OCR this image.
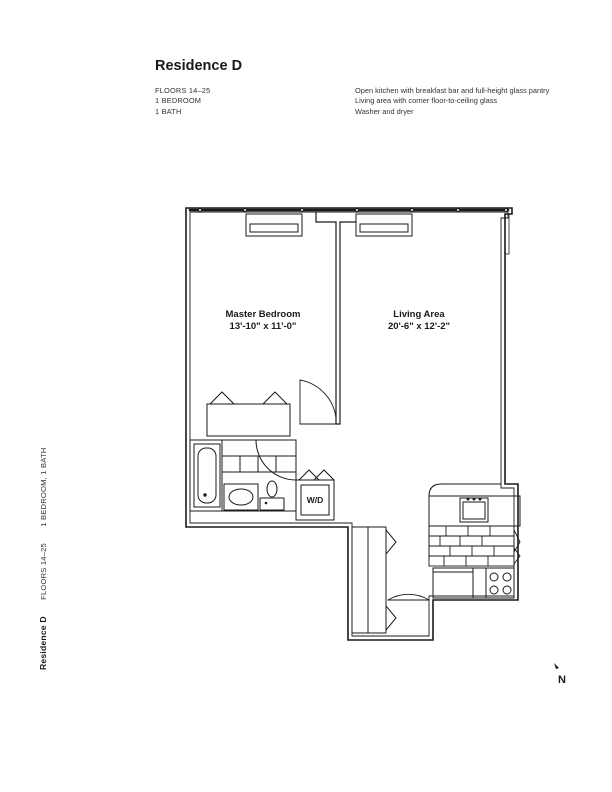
Residence D
FLOORS 14–25
1 BEDROOM
1 BATH
Open kitchen with breakfast bar and full-height glass pantry
Living area with corner floor-to-ceiling glass
Washer and dryer
Residence D FLOORS 14–25 1 BEDROOM, 1 BATH
Master Bedroom
13'-10" x 11'-0"
Living Area
20'-6" x 12'-2"
W/D
N
